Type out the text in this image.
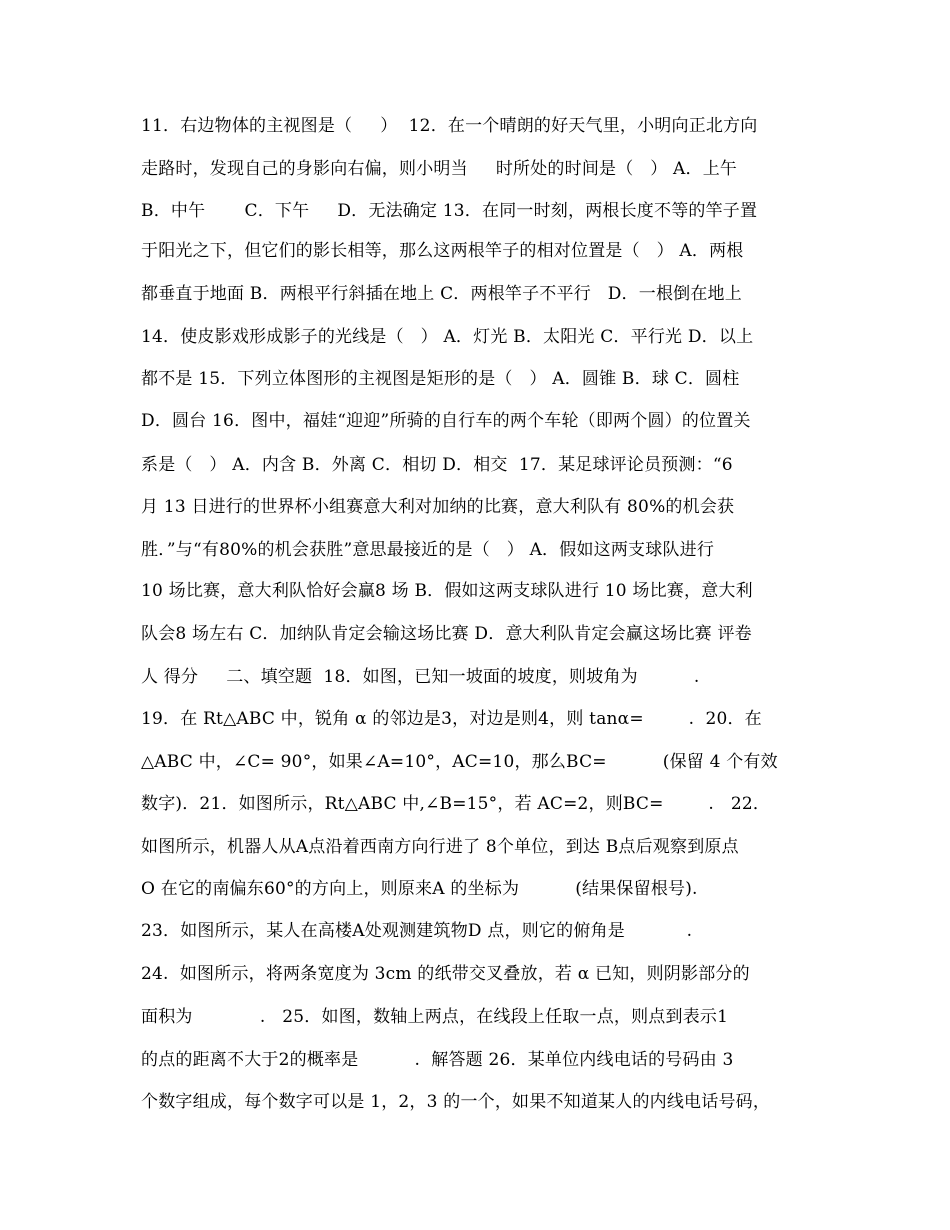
11．右边物体的主视图是（     ）  12．在一个晴朗的好天气里，小明向正北方向
走路时，发现自己的身影向右偏，则小明当     时所处的时间是（   ） A．上午
B．中午       C．下午     D．无法确定 13．在同一时刻，两根长度不等的竿子置
于阳光之下，但它们的影长相等，那么这两根竿子的相对位置是（   ） A．两根
都垂直于地面 B．两根平行斜插在地上 C．两根竿子不平行   D．一根倒在地上
14．使皮影戏形成影子的光线是（   ） A．灯光 B．太阳光 C．平行光 D．以上
都不是 15．下列立体图形的主视图是矩形的是（   ） A．圆锥 B．球 C．圆柱
D．圆台 16．图中，福娃“迎迎”所骑的自行车的两个车轮（即两个圆）的位置关
系是（   ） A．内含 B．外离 C．相切 D．相交  17．某足球评论员预测：“6
月 13 日进行的世界杯小组赛意大利对加纳的比赛，意大利队有 80%的机会获
胜．”与“有80%的机会获胜”意思最接近的是（   ） A．假如这两支球队进行
10 场比赛，意大利队恰好会赢8 场 B．假如这两支球队进行 10 场比赛，意大利
队会8 场左右 C．加纳队肯定会输这场比赛 D．意大利队肯定会赢这场比赛 评卷
人 得分     二、填空题  18．如图，已知一坡面的坡度，则坡角为          .
19．在 Rt△ABC 中，锐角 α 的邻边是3，对边是则4，则 tanα=        .  20．在
△ABC 中，∠C= 90°，如果∠A=10°，AC=10，那么BC=          (保留 4 个有效
数字)．21．如图所示，Rt△ABC 中,∠B=15°，若 AC=2，则BC=        .   22．
如图所示，机器人从A点沿着西南方向行进了 8个单位，到达 B点后观察到原点
O 在它的南偏东60°的方向上，则原来A 的坐标为          (结果保留根号).
23．如图所示，某人在高楼A处观测建筑物D 点，则它的俯角是           .
24.  如图所示，将两条宽度为 3cm 的纸带交叉叠放，若 α 已知，则阴影部分的
面积为            .   25．如图，数轴上两点，在线段上任取一点，则点到表示1
的点的距离不大于2的概率是          .  解答题 26．某单位内线电话的号码由 3
个数字组成，每个数字可以是 1，2，3 的一个，如果不知道某人的内线电话号码，
